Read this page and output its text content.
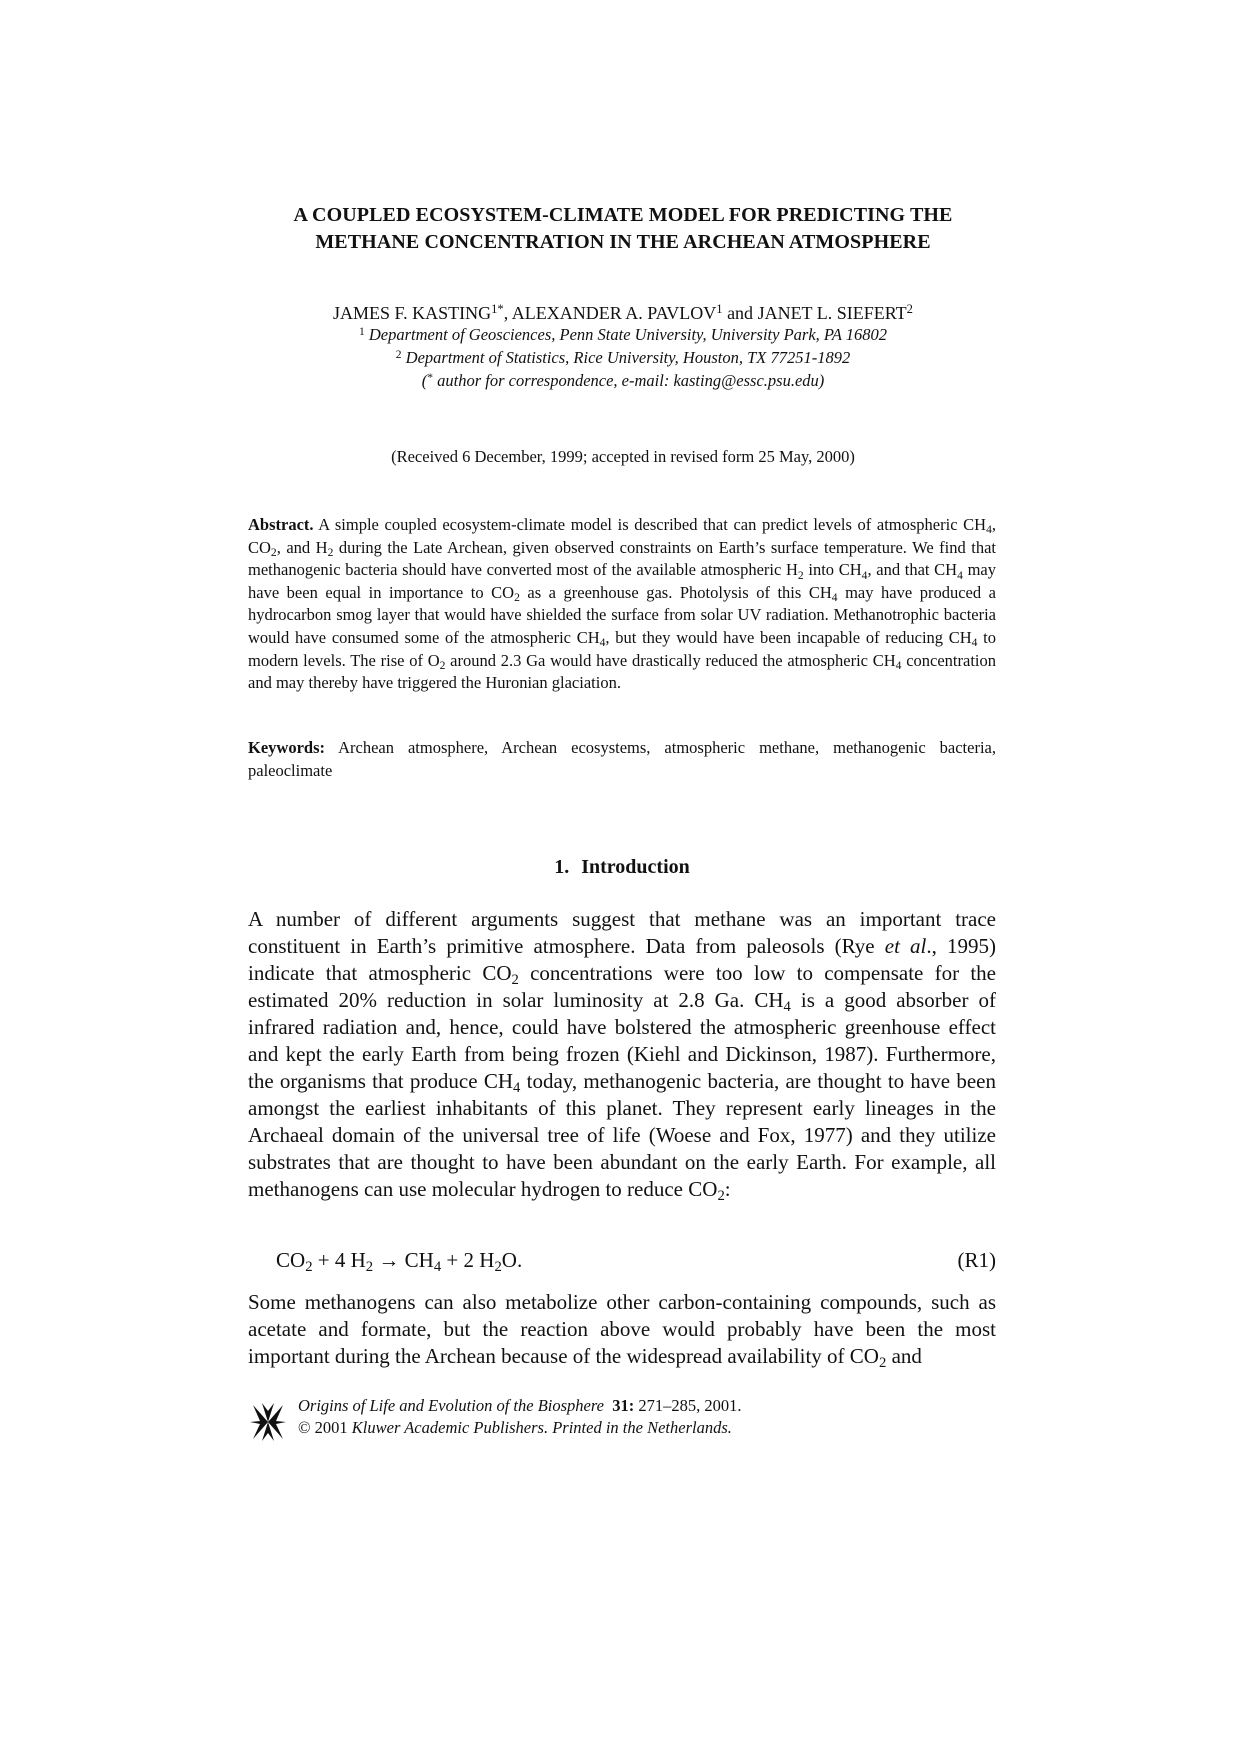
A COUPLED ECOSYSTEM-CLIMATE MODEL FOR PREDICTING THE
METHANE CONCENTRATION IN THE ARCHEAN ATMOSPHERE
JAMES F. $KASTING^{1*}$, ALEXANDER A. PAVLOV$^1$ and JANET L. SIEFERT$^2$
$^1$ Department of Geosciences, Penn State University, University Park, PA 16802
$^2$ Department of Statistics, Rice University, Houston, TX 77251-1892
(* author for correspondence, e-mail: kasting@essc.psu.edu)
(Received 6 December, 1999; accepted in revised form 25 May, 2000)
Abstract. A simple coupled ecosystem-climate model is described that can predict levels of atmospheric $CH_4$, $CO_2$, and $H_2$ during the Late Archean, given observed constraints on Earth’s surface temperature. We find that methanogenic bacteria should have converted most of the available atmospheric $H_2$ into $CH_4$, and that $CH_4$ may have been equal in importance to $CO_2$ as a greenhouse gas. Photolysis of this $CH_4$ may have produced a hydrocarbon smog layer that would have shielded the surface from solar UV radiation. Methanotrophic bacteria would have consumed some of the atmospheric $CH_4$, but they would have been incapable of reducing $CH_4$ to modern levels. The rise of $O_2$ around 2.3 Ga would have drastically reduced the atmospheric $CH_4$ concentration and may thereby have triggered the Huronian glaciation.
Keywords: Archean atmosphere, Archean ecosystems, atmospheric methane, methanogenic bacteria, paleoclimate
1. Introduction
A number of different arguments suggest that methane was an important trace constituent in Earth’s primitive atmosphere. Data from paleosols (Rye et al., 1995) indicate that atmospheric $CO_2$ concentrations were too low to compensate for the estimated 20% reduction in solar luminosity at 2.8 Ga. $CH_4$ is a good absorber of infrared radiation and, hence, could have bolstered the atmospheric greenhouse effect and kept the early Earth from being frozen (Kiehl and Dickinson, 1987). Furthermore, the organisms that produce $CH_4$ today, methanogenic bacteria, are thought to have been amongst the earliest inhabitants of this planet. They represent early lineages in the Archaeal domain of the universal tree of life (Woese and Fox, 1977) and they utilize substrates that are thought to have been abundant on the early Earth. For example, all methanogens can use molecular hydrogen to reduce $CO_2$:
$CO_2 + 4$ $H_2 \to CH_4 + 2$ $H_2O$.	(R1)
Some methanogens can also metabolize other carbon-containing compounds, such as acetate and formate, but the reaction above would probably have been the most important during the Archean because of the widespread availability of $CO_2$ and
Origins of Life and Evolution of the Biosphere 31: 271–285, 2001.
© 2001 Kluwer Academic Publishers. Printed in the Netherlands.
